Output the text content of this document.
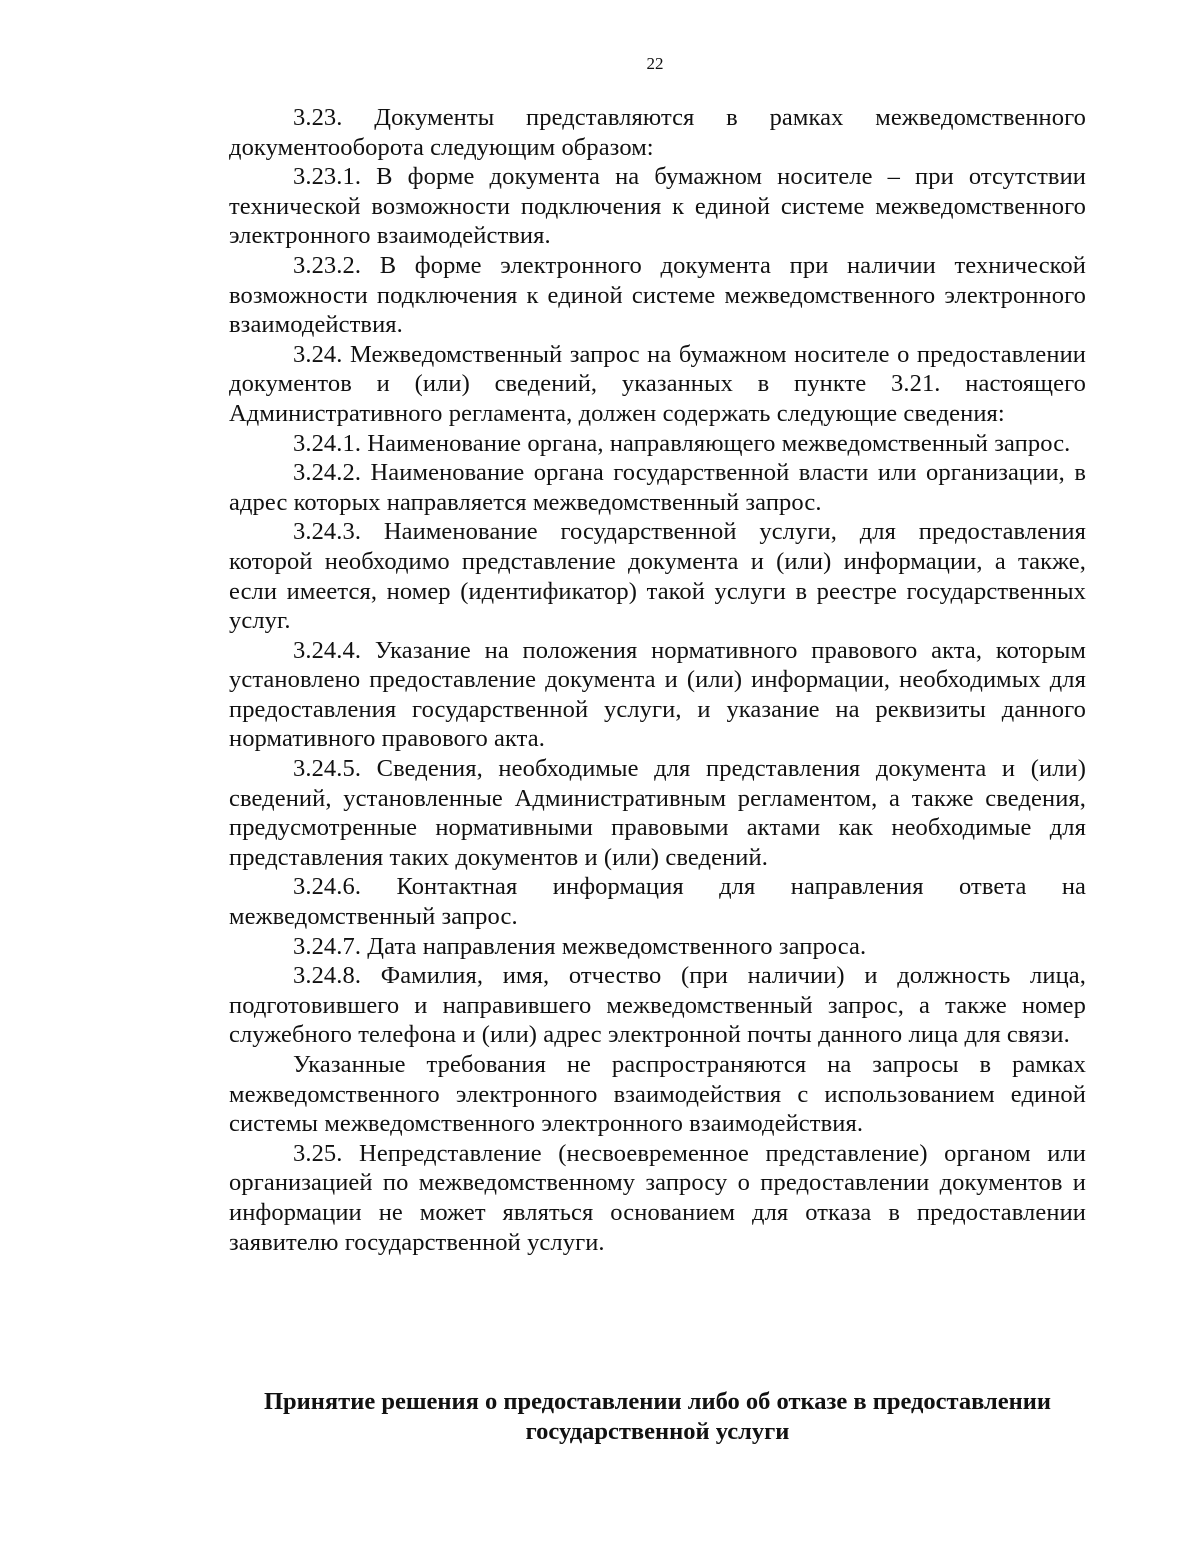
22

3.23. Документы представляются в рамках межведомственного документооборота следующим образом:

3.23.1. В форме документа на бумажном носителе – при отсутствии технической возможности подключения к единой системе межведомственного электронного взаимодействия.

3.23.2. В форме электронного документа при наличии технической возможности подключения к единой системе межведомственного электронного взаимодействия.

3.24. Межведомственный запрос на бумажном носителе о предоставлении документов и (или) сведений, указанных в пункте 3.21. настоящего Административного регламента, должен содержать следующие сведения:

3.24.1. Наименование органа, направляющего межведомственный запрос.

3.24.2. Наименование органа государственной власти или организации, в адрес которых направляется межведомственный запрос.

3.24.3. Наименование государственной услуги, для предоставления которой необходимо представление документа и (или) информации, а также, если имеется, номер (идентификатор) такой услуги в реестре государственных услуг.

3.24.4. Указание на положения нормативного правового акта, которым установлено предоставление документа и (или) информации, необходимых для предоставления государственной услуги, и указание на реквизиты данного нормативного правового акта.

3.24.5. Сведения, необходимые для представления документа и (или) сведений, установленные Административным регламентом, а также сведения, предусмотренные нормативными правовыми актами как необходимые для представления таких документов и (или) сведений.

3.24.6. Контактная информация для направления ответа на межведомственный запрос.

3.24.7. Дата направления межведомственного запроса.

3.24.8. Фамилия, имя, отчество (при наличии) и должность лица, подготовившего и направившего межведомственный запрос, а также номер служебного телефона и (или) адрес электронной почты данного лица для связи.

Указанные требования не распространяются на запросы в рамках межведомственного электронного взаимодействия с использованием единой системы межведомственного электронного взаимодействия.

3.25. Непредставление (несвоевременное представление) органом или организацией по межведомственному запросу о предоставлении документов и информации не может являться основанием для отказа в предоставлении заявителю государственной услуги.

Принятие решения о предоставлении либо об отказе в предоставлении государственной услуги
